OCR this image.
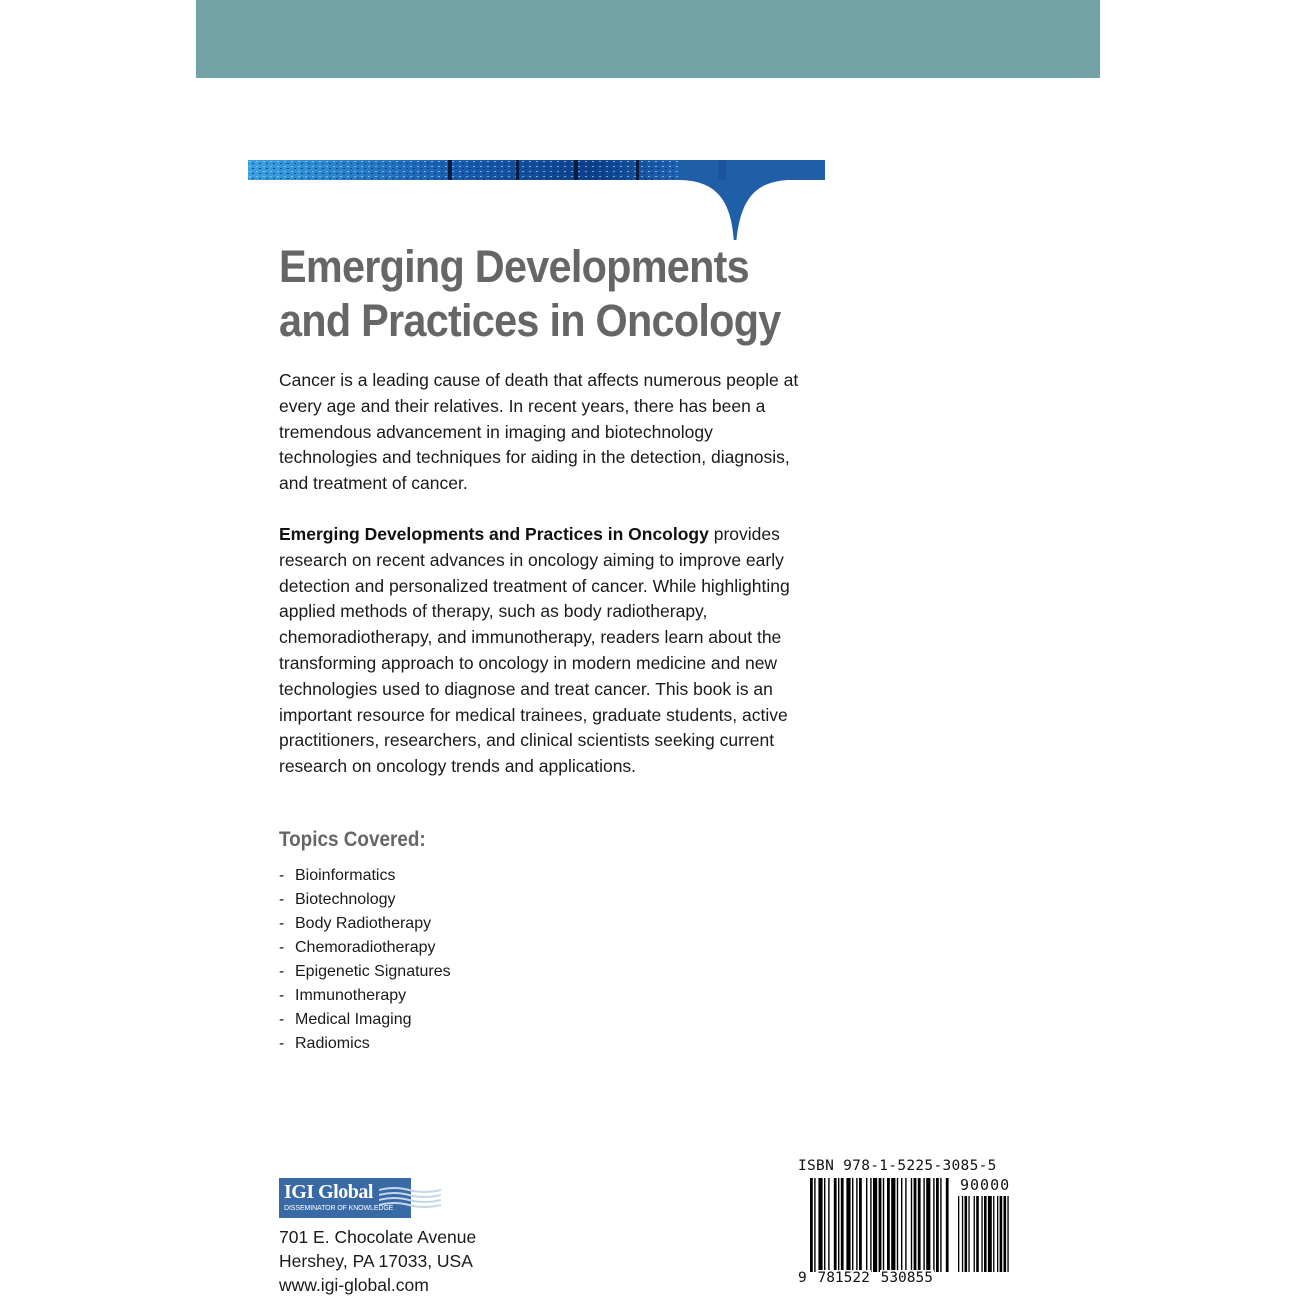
Emerging Developments
and Practices in Oncology

Cancer is a leading cause of death that affects numerous people at every age and their relatives. In recent years, there has been a tremendous advancement in imaging and biotechnology technologies and techniques for aiding in the detection, diagnosis, and treatment of cancer.

Emerging Developments and Practices in Oncology provides research on recent advances in oncology aiming to improve early detection and personalized treatment of cancer. While highlighting applied methods of therapy, such as body radiotherapy, chemoradiotherapy, and immunotherapy, readers learn about the transforming approach to oncology in modern medicine and new technologies used to diagnose and treat cancer. This book is an important resource for medical trainees, graduate students, active practitioners, researchers, and clinical scientists seeking current research on oncology trends and applications.

Topics Covered:
- Bioinformatics
- Biotechnology
- Body Radiotherapy
- Chemoradiotherapy
- Epigenetic Signatures
- Immunotherapy
- Medical Imaging
- Radiomics
IGI Global
DISSEMINATOR OF KNOWLEDGE

701 E. Chocolate Avenue
Hershey, PA 17033, USA
www.igi-global.com

ISBN 978-1-5225-3085-5
90000
9 781522 530855
